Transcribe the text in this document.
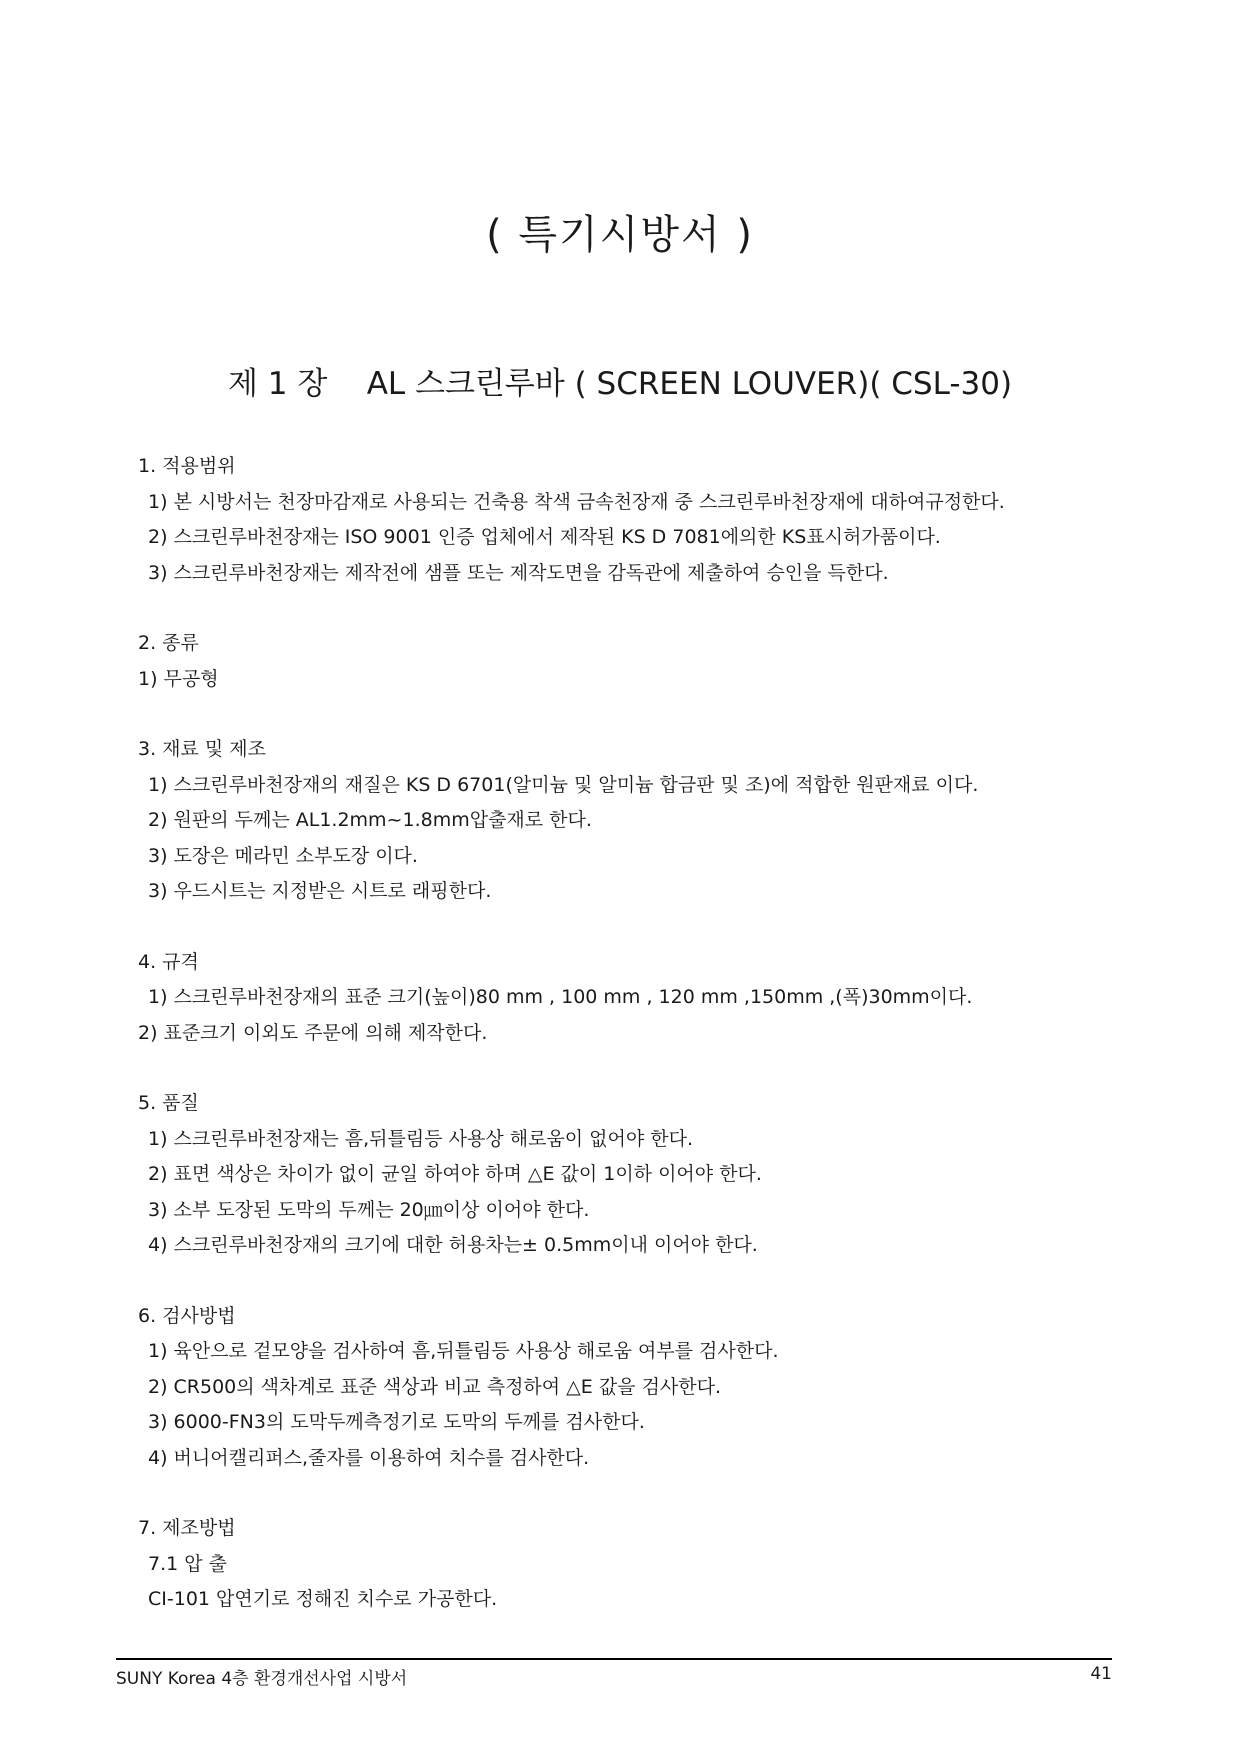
( 특기시방서 )
제 1 장    AL 스크린루바 ( SCREEN LOUVER)( CSL-30)

1. 적용범위

1) 본 시방서는 천장마감재로 사용되는 건축용 착색 금속천장재 중 스크린루바천장재에 대하여규정한다.

2) 스크린루바천장재는 ISO 9001 인증 업체에서 제작된 KS D 7081에의한 KS표시허가품이다.

3) 스크린루바천장재는 제작전에 샘플 또는 제작도면을 감독관에 제출하여 승인을 득한다.

2. 종류

1) 무공형

3. 재료 및 제조

1) 스크린루바천장재의 재질은 KS D 6701(알미늄 및 알미늄 합금판 및 조)에 적합한 원판재료 이다.

2) 원판의 두께는 AL1.2mm~1.8mm압출재로 한다.

3) 도장은 메라민 소부도장 이다.

3) 우드시트는 지정받은 시트로 래핑한다.

4. 규격

1) 스크린루바천장재의 표준 크기(높이)80 mm , 100 mm , 120 mm ,150mm ,(폭)30mm이다.

2) 표준크기 이외도 주문에 의해 제작한다.

5. 품질

1) 스크린루바천장재는 흠,뒤틀림등 사용상 해로움이 없어야 한다.

2) 표면 색상은 차이가 없이 균일 하여야 하며 △E 값이 1이하 이어야 한다.

3) 소부 도장된 도막의 두께는 20㎛이상 이어야 한다.

4) 스크린루바천장재의 크기에 대한 허용차는± 0.5mm이내 이어야 한다.

6. 검사방법

1) 육안으로 겉모양을 검사하여 흠,뒤틀림등 사용상 해로움 여부를 검사한다.

2) CR500의 색차계로 표준 색상과 비교 측정하여 △E 값을 검사한다.

3) 6000-FN3의 도막두께측정기로 도막의 두께를 검사한다.

4) 버니어캘리퍼스,줄자를 이용하여 치수를 검사한다.

7. 제조방법

7.1 압 출

CI-101 압연기로 정해진 치수로 가공한다.

SUNY Korea 4층 환경개선사업 시방서	41
